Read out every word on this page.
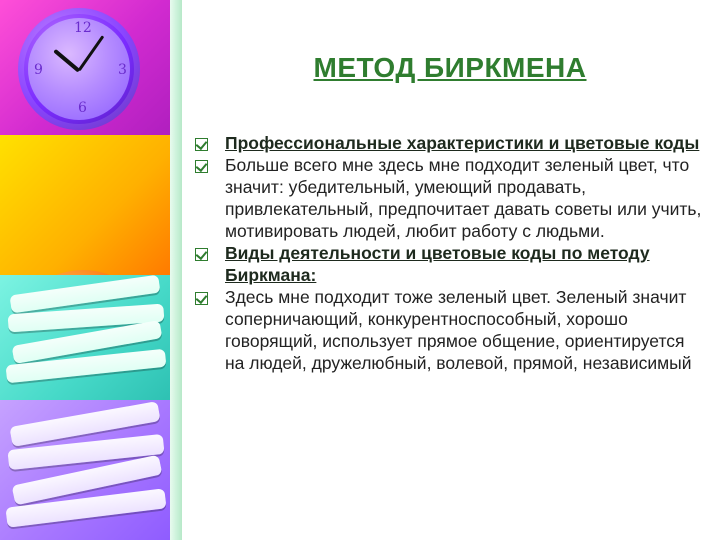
12
3
6
9	МЕТОД БИРКМЕНА
Профессиональные характеристики и цветовые коды
Больше всего мне здесь мне подходит зеленый цвет, что значит: убедительный, умеющий продавать, привлекательный, предпочитает давать советы или учить, мотивировать людей, любит работу с людьми.
Виды деятельности и цветовые коды по методу Биркмана:
Здесь мне подходит тоже зеленый цвет. Зеленый значит соперничающий, конкурентноспособный, хорошо говорящий, использует прямое общение, ориентируется на людей, дружелюбный, волевой, прямой, независимый
